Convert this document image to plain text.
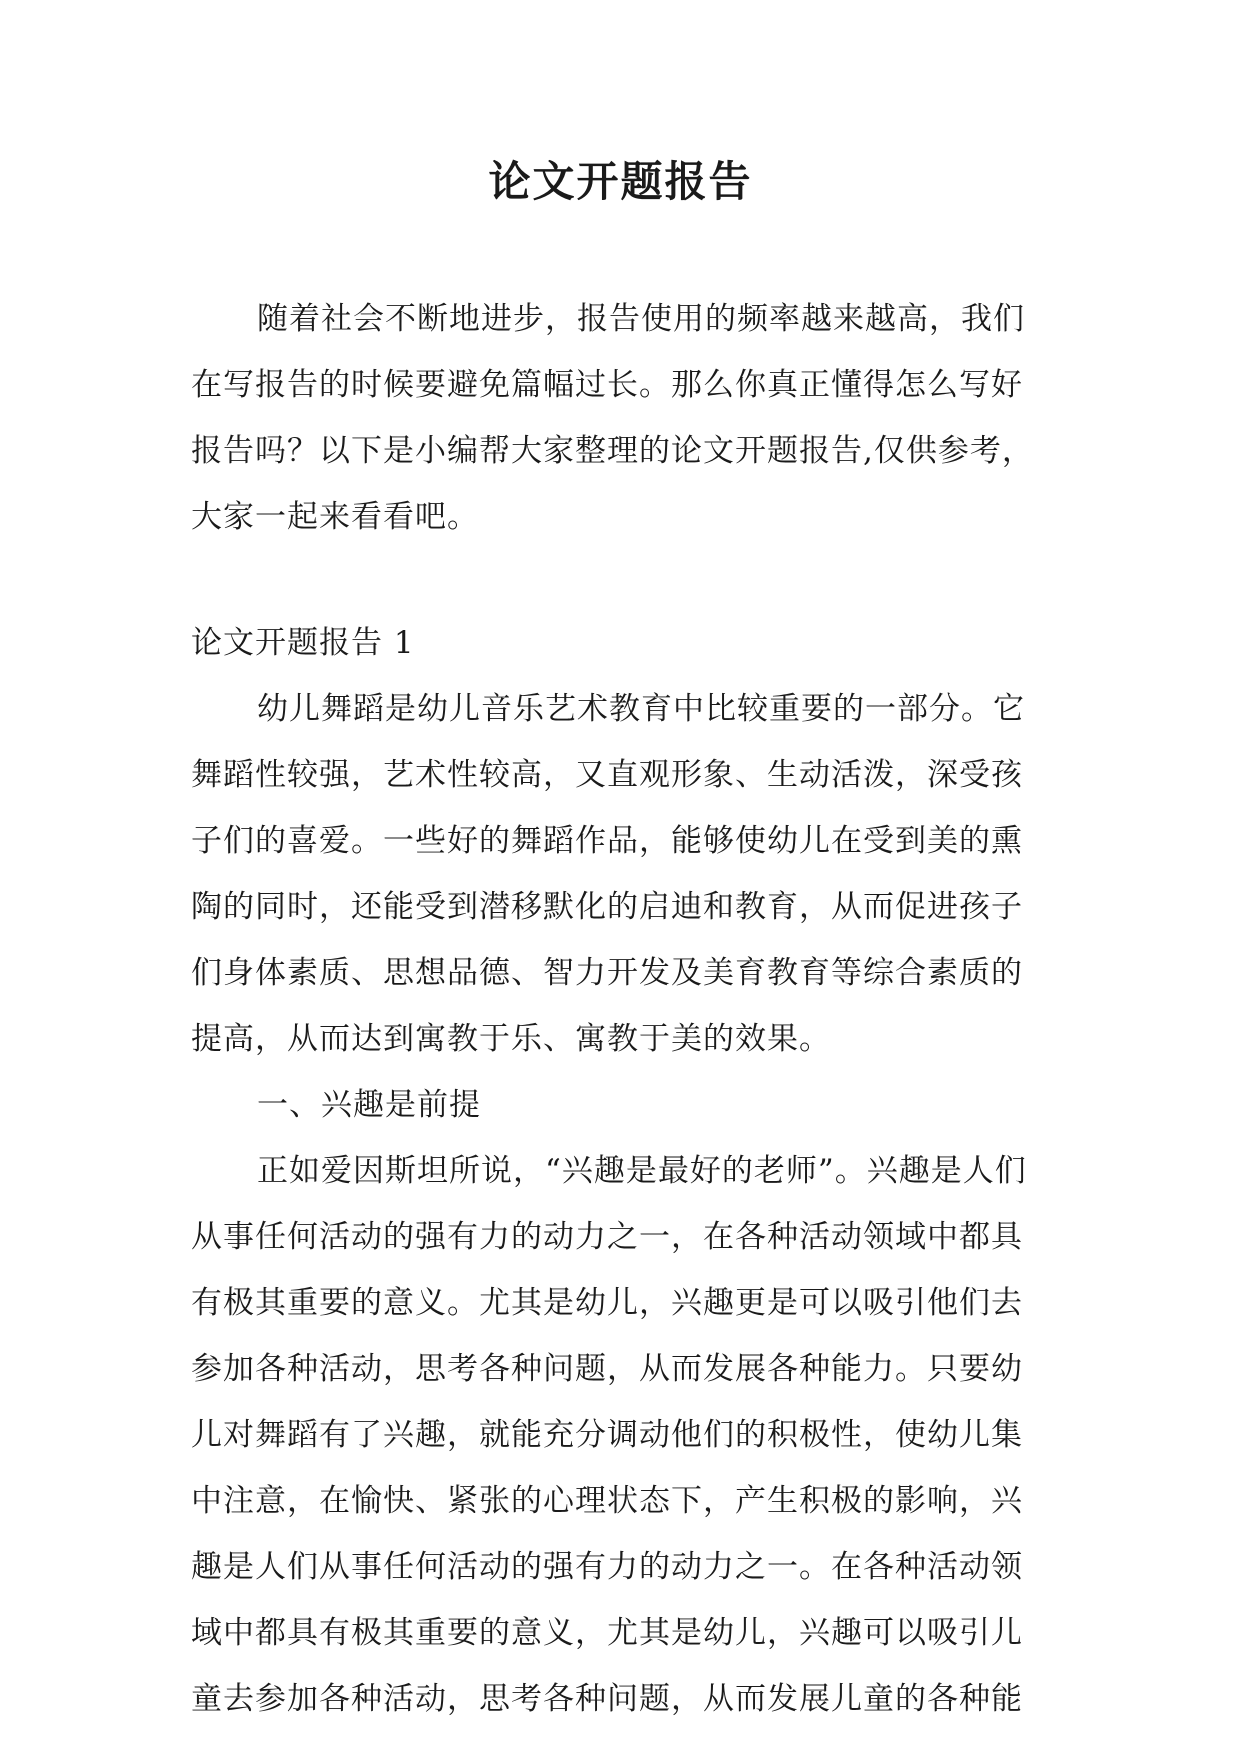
论文开题报告
随着社会不断地进步，报告使用的频率越来越高，我们
在写报告的时候要避免篇幅过长。那么你真正懂得怎么写好
报告吗？以下是小编帮大家整理的论文开题报告,仅供参考，
大家一起来看看吧。
论文开题报告 1
幼儿舞蹈是幼儿音乐艺术教育中比较重要的一部分。它
舞蹈性较强，艺术性较高，又直观形象、生动活泼，深受孩
子们的喜爱。一些好的舞蹈作品，能够使幼儿在受到美的熏
陶的同时，还能受到潜移默化的启迪和教育，从而促进孩子
们身体素质、思想品德、智力开发及美育教育等综合素质的
提高，从而达到寓教于乐、寓教于美的效果。
一、兴趣是前提
正如爱因斯坦所说，“兴趣是最好的老师”。兴趣是人们
从事任何活动的强有力的动力之一，在各种活动领域中都具
有极其重要的意义。尤其是幼儿，兴趣更是可以吸引他们去
参加各种活动，思考各种问题，从而发展各种能力。只要幼
儿对舞蹈有了兴趣，就能充分调动他们的积极性，使幼儿集
中注意，在愉快、紧张的心理状态下，产生积极的影响，兴
趣是人们从事任何活动的强有力的动力之一。在各种活动领
域中都具有极其重要的意义，尤其是幼儿，兴趣可以吸引儿
童去参加各种活动，思考各种问题，从而发展儿童的各种能
